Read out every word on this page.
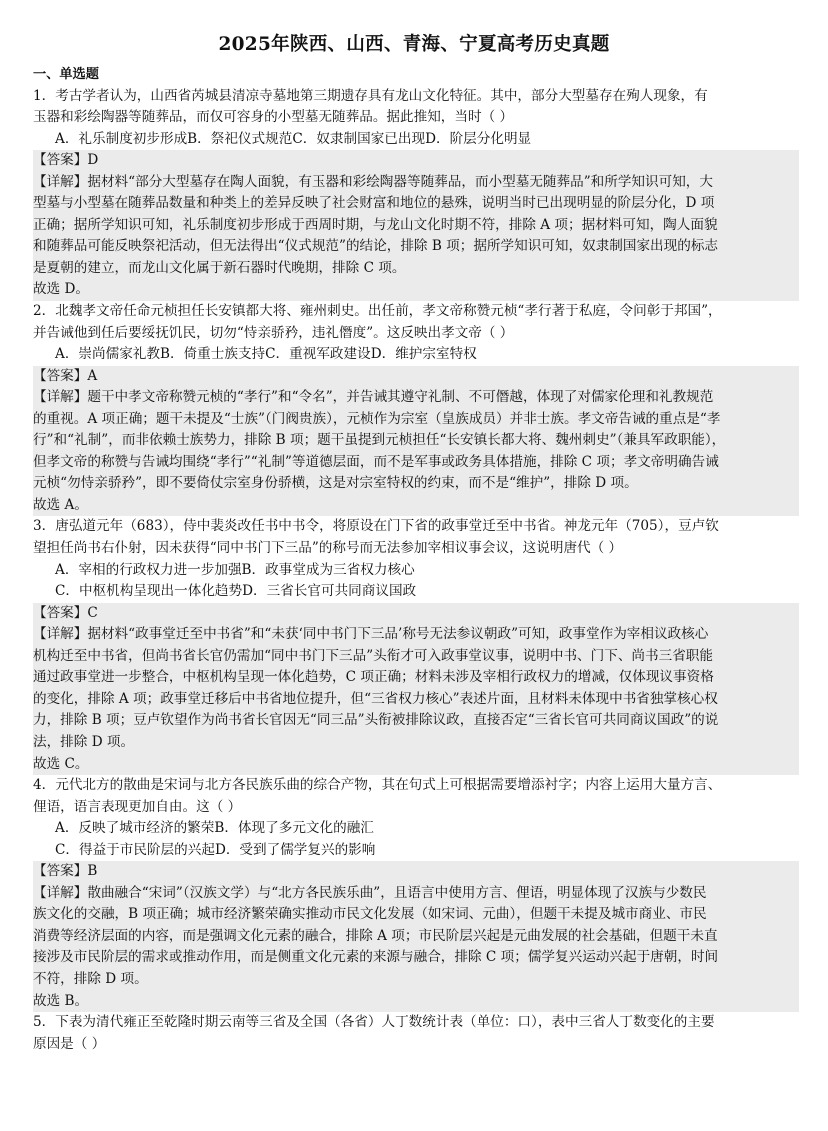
2025年陕西、山西、青海、宁夏高考历史真题
一、单选题
1．考古学者认为，山西省芮城县清凉寺墓地第三期遗存具有龙山文化特征。其中，部分大型墓存在殉人现象，有
玉器和彩绘陶器等随葬品，而仅可容身的小型墓无随葬品。据此推知，当时（ ）
A．礼乐制度初步形成B．祭祀仪式规范C．奴隶制国家已出现D．阶层分化明显
【答案】D
【详解】据材料“部分大型墓存在陶人面貌，有玉器和彩绘陶器等随葬品，而小型墓无随葬品”和所学知识可知，大
型墓与小型墓在随葬品数量和种类上的差异反映了社会财富和地位的悬殊，说明当时已出现明显的阶层分化，D 项
正确；据所学知识可知，礼乐制度初步形成于西周时期，与龙山文化时期不符，排除 A 项；据材料可知，陶人面貌
和随葬品可能反映祭祀活动，但无法得出“仪式规范”的结论，排除 B 项；据所学知识可知，奴隶制国家出现的标志
是夏朝的建立，而龙山文化属于新石器时代晚期，排除 C 项。
故选 D。
2．北魏孝文帝任命元桢担任长安镇都大将、雍州刺史。出任前，孝文帝称赞元桢“孝行著于私庭，令问彰于邦国”，
并告诫他到任后要绥抚饥民，切勿“恃亲骄矜，违礼僭度”。这反映出孝文帝（ ）
A．崇尚儒家礼教B．倚重士族支持C．重视军政建设D．维护宗室特权
【答案】A
【详解】题干中孝文帝称赞元桢的“孝行”和“令名”，并告诫其遵守礼制、不可僭越，体现了对儒家伦理和礼教规范
的重视。A 项正确；题干未提及“士族”（门阀贵族），元桢作为宗室（皇族成员）并非士族。孝文帝告诫的重点是“孝
行”和“礼制”，而非依赖士族势力，排除 B 项；题干虽提到元桢担任“长安镇长都大将、魏州刺史”（兼具军政职能），
但孝文帝的称赞与告诫均围绕“孝行”“礼制”等道德层面，而不是军事或政务具体措施，排除 C 项；孝文帝明确告诫
元桢“勿恃亲骄矜”，即不要倚仗宗室身份骄横，这是对宗室特权的约束，而不是“维护”，排除 D 项。
故选 A。
3．唐弘道元年（683），侍中裴炎改任书中书令，将原设在门下省的政事堂迁至中书省。神龙元年（705），豆卢钦
望担任尚书右仆射，因未获得“同中书门下三品”的称号而无法参加宰相议事会议，这说明唐代（ ）
A．宰相的行政权力进一步加强B．政事堂成为三省权力核心
C．中枢机构呈现出一体化趋势D．三省长官可共同商议国政
【答案】C
【详解】据材料“政事堂迁至中书省”和“未获‘同中书门下三品’称号无法参议朝政”可知，政事堂作为宰相议政核心
机构迁至中书省，但尚书省长官仍需加“同中书门下三品”头衔才可入政事堂议事，说明中书、门下、尚书三省职能
通过政事堂进一步整合，中枢机构呈现一体化趋势，C 项正确；材料未涉及宰相行政权力的增减，仅体现议事资格
的变化，排除 A 项；政事堂迁移后中书省地位提升，但“三省权力核心”表述片面，且材料未体现中书省独掌核心权
力，排除 B 项；豆卢钦望作为尚书省长官因无“同三品”头衔被排除议政，直接否定“三省长官可共同商议国政”的说
法，排除 D 项。
故选 C。
4．元代北方的散曲是宋词与北方各民族乐曲的综合产物，其在句式上可根据需要增添衬字；内容上运用大量方言、
俚语，语言表现更加自由。这（ ）
A．反映了城市经济的繁荣B．体现了多元文化的融汇
C．得益于市民阶层的兴起D．受到了儒学复兴的影响
【答案】B
【详解】散曲融合“宋词”（汉族文学）与“北方各民族乐曲”，且语言中使用方言、俚语，明显体现了汉族与少数民
族文化的交融，B 项正确；城市经济繁荣确实推动市民文化发展（如宋词、元曲），但题干未提及城市商业、市民
消费等经济层面的内容，而是强调文化元素的融合，排除 A 项；市民阶层兴起是元曲发展的社会基础，但题干未直
接涉及市民阶层的需求或推动作用，而是侧重文化元素的来源与融合，排除 C 项；儒学复兴运动兴起于唐朝，时间
不符，排除 D 项。
故选 B。
5．下表为清代雍正至乾隆时期云南等三省及全国（各省）人丁数统计表（单位：口），表中三省人丁数变化的主要
原因是（ ）
